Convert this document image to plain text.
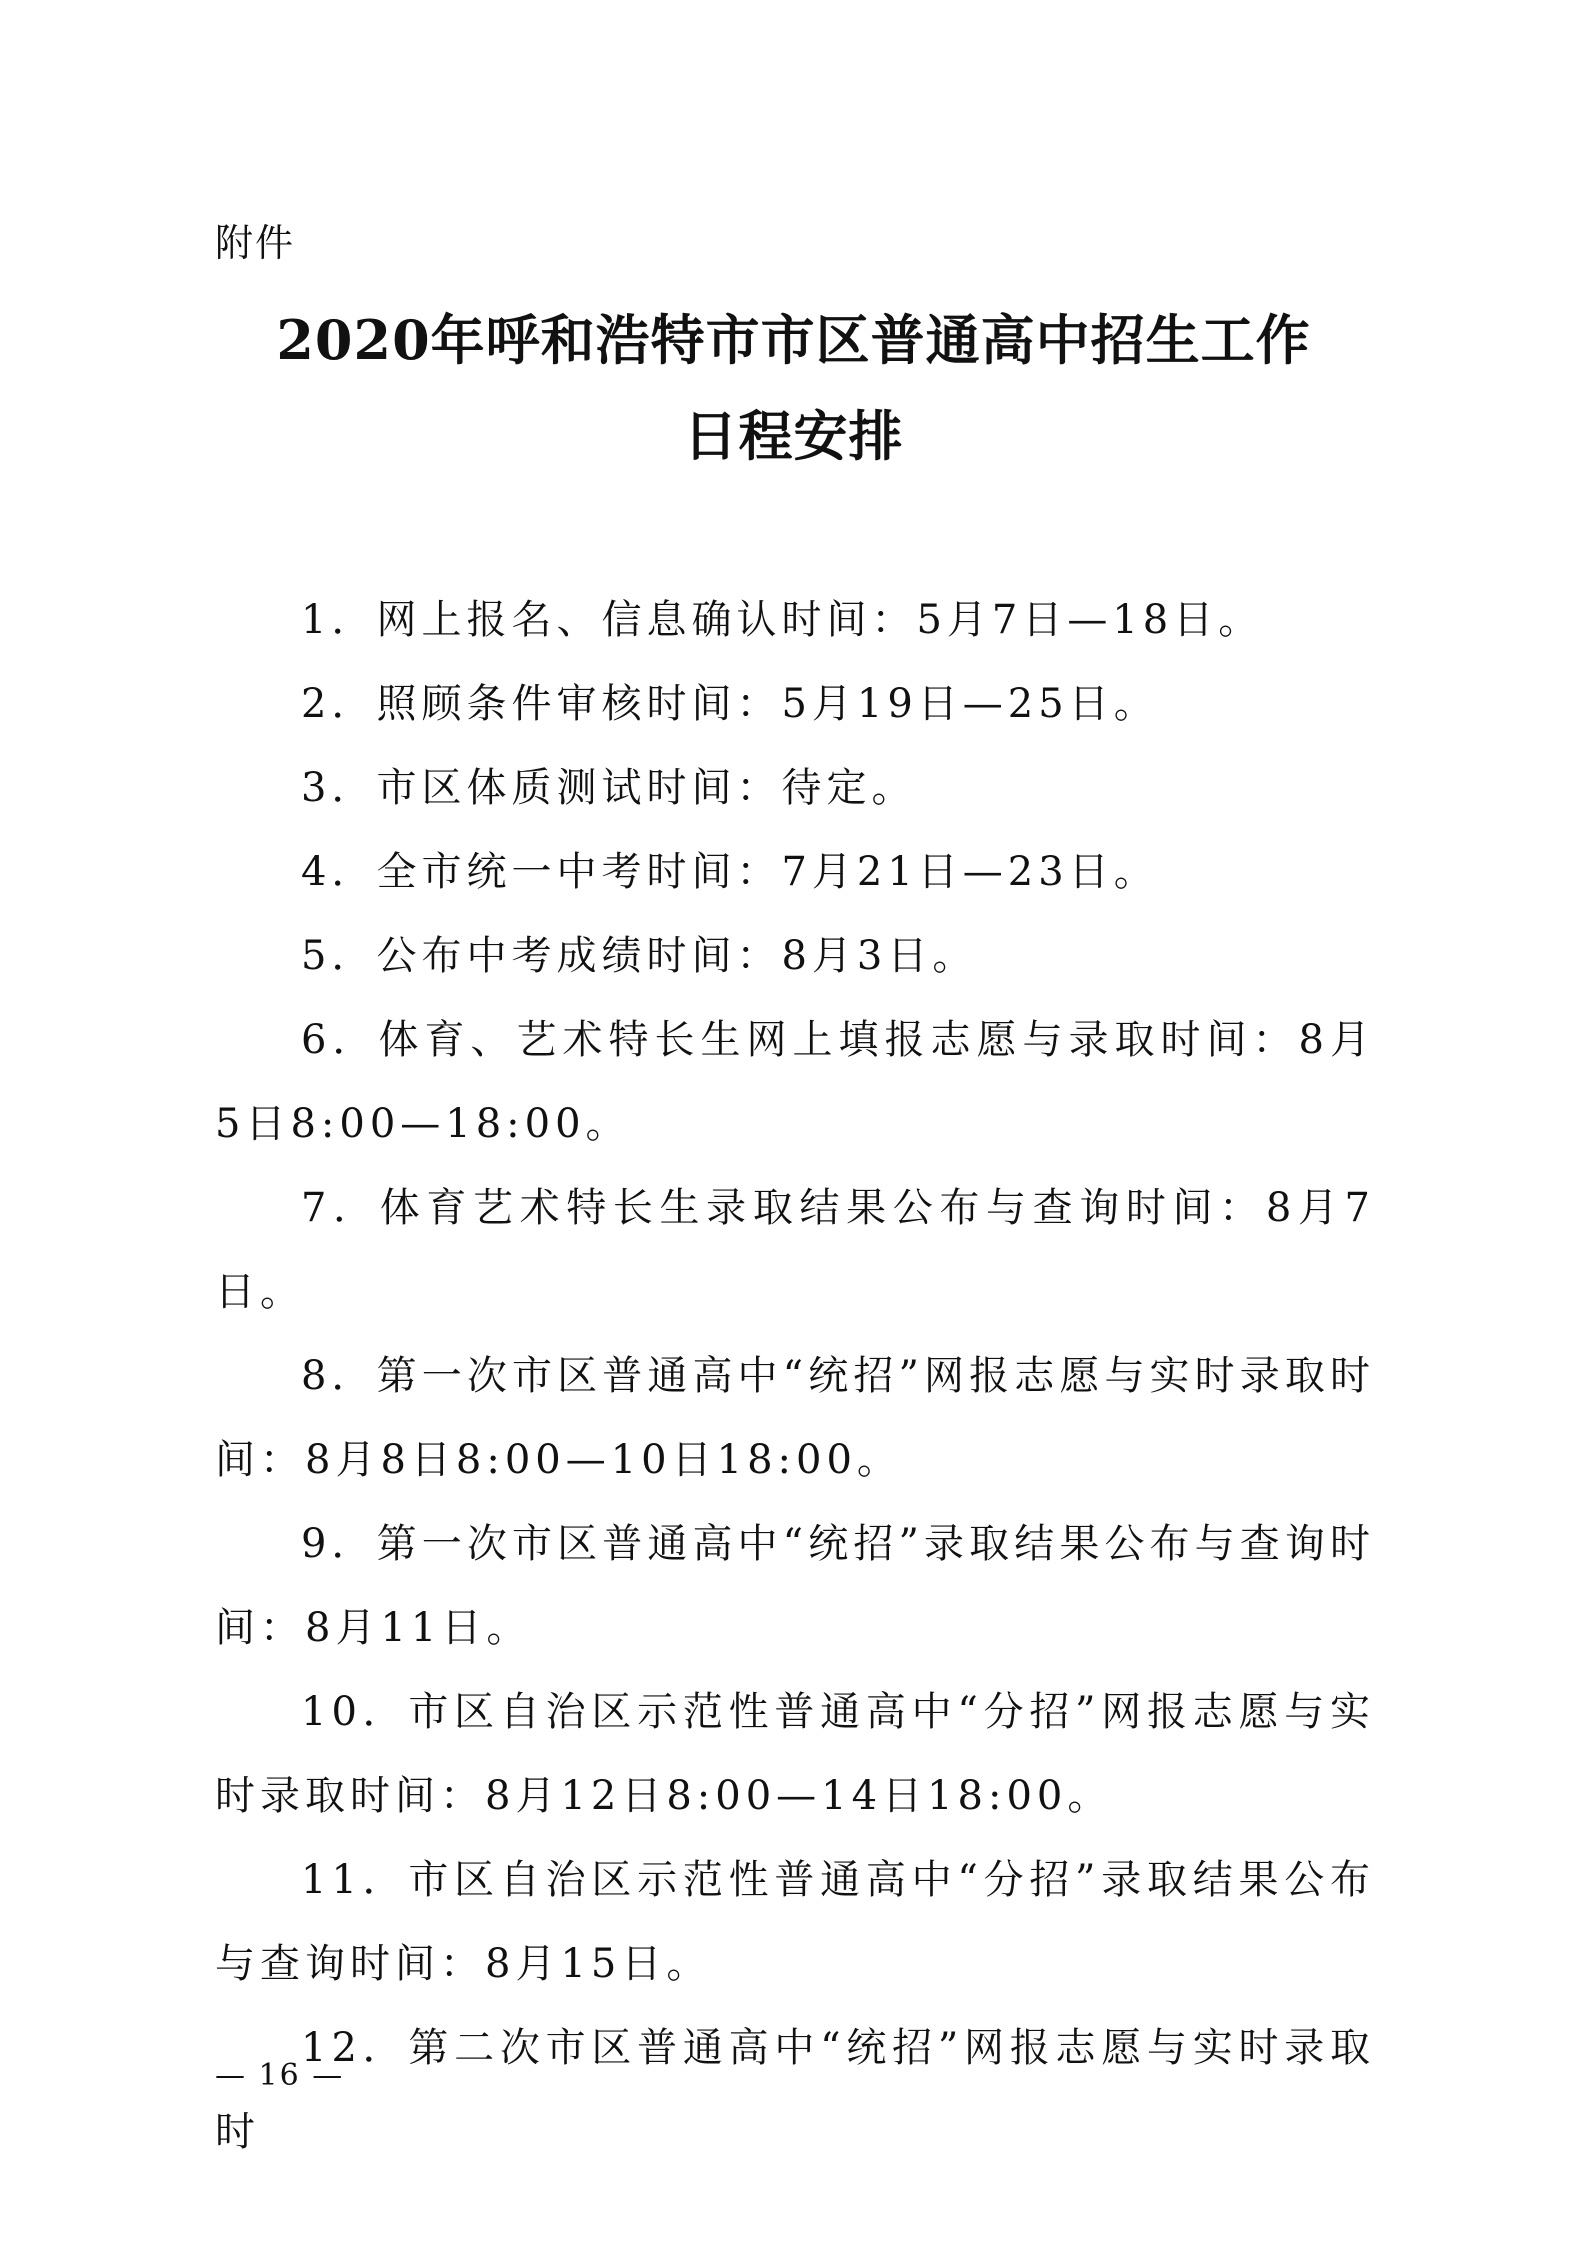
附件
2020年呼和浩特市市区普通高中招生工作
日程安排

1．网上报名、信息确认时间：5月7日—18日。

2．照顾条件审核时间：5月19日—25日。

3．市区体质测试时间：待定。

4．全市统一中考时间：7月21日—23日。

5．公布中考成绩时间：8月3日。

6．体育、艺术特长生网上填报志愿与录取时间：8月5日8:00—18:00。

7．体育艺术特长生录取结果公布与查询时间：8月7日。

8．第一次市区普通高中“统招”网报志愿与实时录取时间：8月8日8:00—10日18:00。

9．第一次市区普通高中“统招”录取结果公布与查询时间：8月11日。

10．市区自治区示范性普通高中“分招”网报志愿与实时录取时间：8月12日8:00—14日18:00。

11．市区自治区示范性普通高中“分招”录取结果公布与查询时间：8月15日。

12．第二次市区普通高中“统招”网报志愿与实时录取时

— 16 —
